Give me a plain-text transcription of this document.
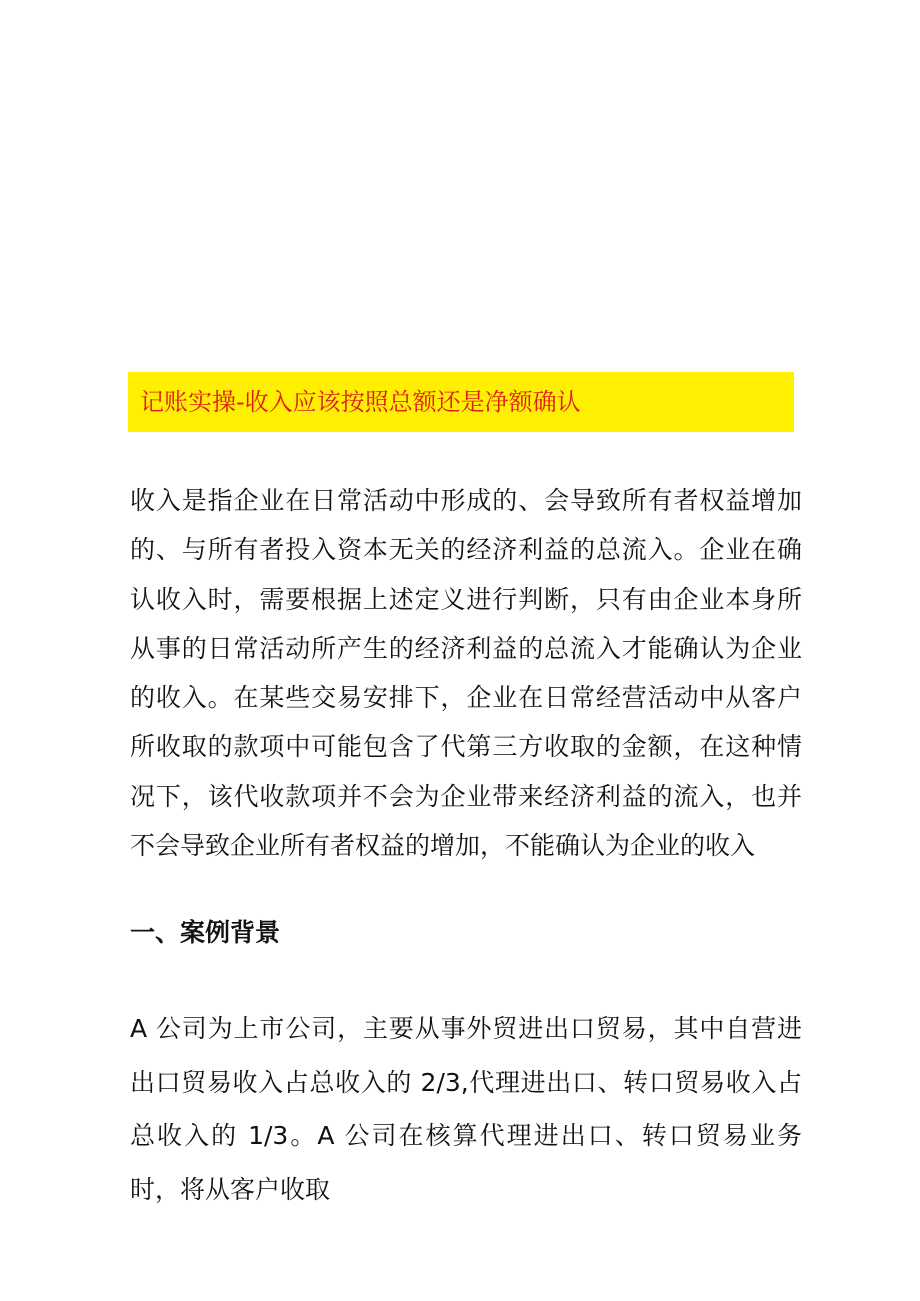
记账实操-收入应该按照总额还是净额确认

收入是指企业在日常活动中形成的、会导致所有者权益增加的、与所有者投入资本无关的经济利益的总流入。企业在确认收入时，需要根据上述定义进行判断，只有由企业本身所从事的日常活动所产生的经济利益的总流入才能确认为企业的收入。在某些交易安排下，企业在日常经营活动中从客户所收取的款项中可能包含了代第三方收取的金额，在这种情况下，该代收款项并不会为企业带来经济利益的流入，也并不会导致企业所有者权益的增加，不能确认为企业的收入

一、案例背景

A 公司为上市公司，主要从事外贸进出口贸易，其中自营进出口贸易收入占总收入的 2/3,代理进出口、转口贸易收入占总收入的 1/3。A 公司在核算代理进出口、转口贸易业务时，将从客户收取
